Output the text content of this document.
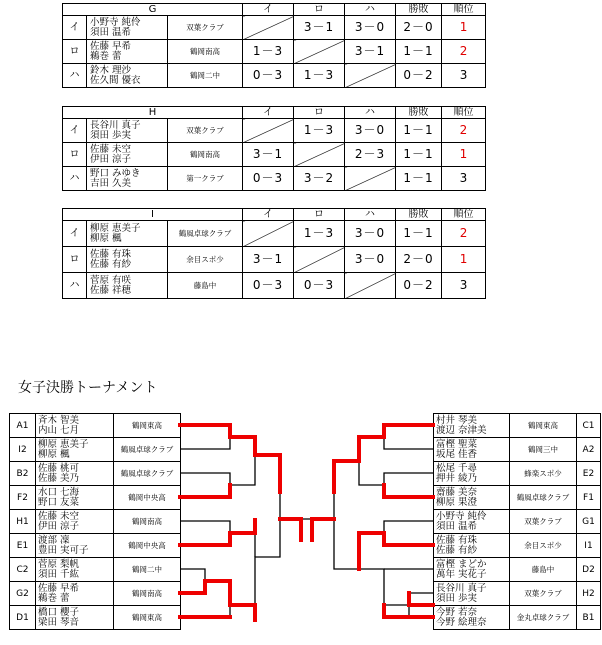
G			イ	ロ	ハ	勝敗	順位
イ	小野寺 純伶
須田 温希	双葉クラブ		3－1	3－0	2－0	1
ロ	佐藤 早希
鵜巻 蕾	鶴岡南高	1－3		3－1	1－1	2
ハ	鈴木 理沙
佐久間 優衣	鶴岡二中	0－3	1－3		0－2	3
H			イ	ロ	ハ	勝敗	順位
イ	長谷川 真子
須田 歩実	双葉クラブ		1－3	3－0	1－1	2
ロ	佐藤 未空
伊田 涼子	鶴岡南高	3－1		2－3	1－1	1
ハ	野口 みゆき
吉田 久美	第一クラブ	0－3	3－2		1－1	3
I			イ	ロ	ハ	勝敗	順位
イ	柳原 恵美子
柳原 楓	鶴風卓球クラブ		1－3	3－0	1－1	2
ロ	佐藤 有珠
佐藤 有紗	余目スポ少	3－1		3－0	2－0	1
ハ	菅原 有咲
佐藤 祥穂	藤島中	0－3	0－3		0－2	3
女子決勝トーナメント
A1	斉木 智美
内山 七月	鶴岡東高
I2	柳原 恵美子
柳原 楓	鶴風卓球クラブ
B2	佐藤 桃可
佐藤 美乃	鶴風卓球クラブ
F2	水口 七海
野口 友菜	鶴岡中央高
H1	佐藤 未空
伊田 涼子	鶴岡南高
E1	渡部 凜
豊田 実可子	鶴岡中央高
C2	菅原 梨帆
須田 千紘	鶴岡二中
G2	佐藤 早希
鵜巻 蕾	鶴岡南高
D1	橋口 櫻子
梁田 琴音	鶴岡東高
村井 琴美
渡辺 奈津美	鶴岡東高	C1

富樫 聖菜
坂尾 佳香	鶴岡三中	A2

松尾 千尋
押井 綾乃	蜂楽スポ少	E2

齋藤 美奈
柳原 果澄	鶴風卓球クラブ	F1

小野寺 純伶
須田 温希	双葉クラブ	G1

佐藤 有珠
佐藤 有紗	余目スポ少	I1

富樫 まどか
萬年 実花子	藤島中	D2

長谷川 真子
須田 歩実	双葉クラブ	H2

今野 若奈
今野 絵理奈	金丸卓球クラブ	B1
